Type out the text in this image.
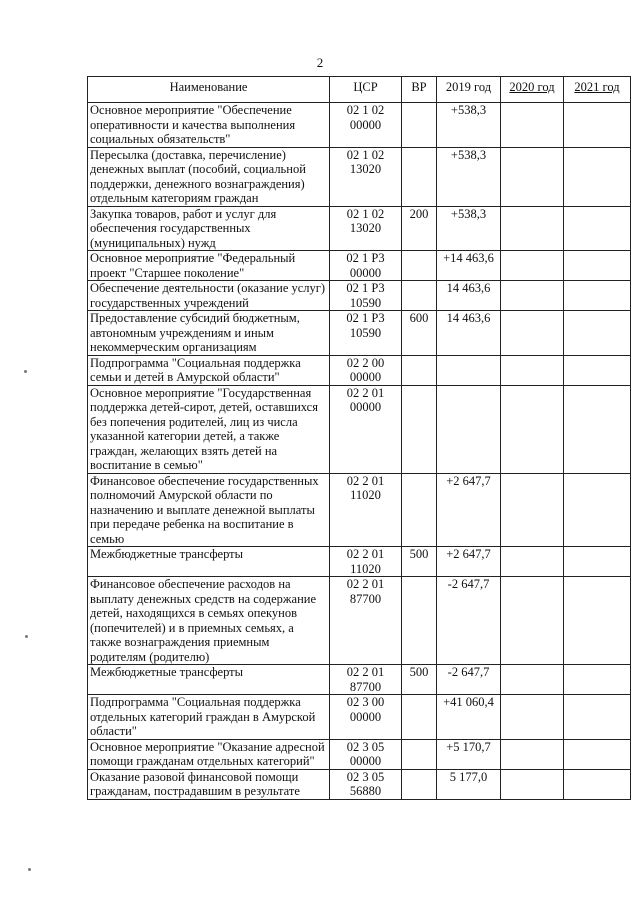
2
Наименование	ЦСР	ВР	2019 год	2020 год	2021 год
Основное мероприятие "Обеспечение оперативности и качества выполнения социальных обязательств"	02 1 02 00000		+538,3		
Пересылка (доставка, перечисление) денежных выплат (пособий, социальной поддержки, денежного вознаграждения) отдельным категориям граждан	02 1 02 13020		+538,3		
Закупка товаров, работ и услуг для обеспечения государственных (муниципальных) нужд	02 1 02 13020	200	+538,3		
Основное мероприятие "Федеральный проект "Старшее поколение"	02 1 P3 00000		+14 463,6		
Обеспечение деятельности (оказание услуг) государственных учреждений	02 1 P3 10590		14 463,6		
Предоставление субсидий бюджетным, автономным учреждениям и иным некоммерческим организациям	02 1 P3 10590	600	14 463,6		
Подпрограмма "Социальная поддержка семьи и детей в Амурской области"	02 2 00 00000				
Основное мероприятие "Государственная поддержка детей-сирот, детей, оставшихся без попечения родителей, лиц из числа указанной категории детей, а также граждан, желающих взять детей на воспитание в семью"	02 2 01 00000				
Финансовое обеспечение государственных полномочий Амурской области по назначению и выплате денежной выплаты при передаче ребенка на воспитание в семью	02 2 01 11020		+2 647,7		
Межбюджетные трансферты	02 2 01 11020	500	+2 647,7		
Финансовое обеспечение расходов на выплату денежных средств на содержание детей, находящихся в семьях опекунов (попечителей) и в приемных семьях, а также вознаграждения приемным родителям (родителю)	02 2 01 87700		-2 647,7		
Межбюджетные трансферты	02 2 01 87700	500	-2 647,7		
Подпрограмма "Социальная поддержка отдельных категорий граждан в Амурской области"	02 3 00 00000		+41 060,4		
Основное мероприятие "Оказание адресной помощи гражданам отдельных категорий"	02 3 05 00000		+5 170,7		
Оказание разовой финансовой помощи гражданам, пострадавшим в результате	02 3 05 56880		5 177,0		
